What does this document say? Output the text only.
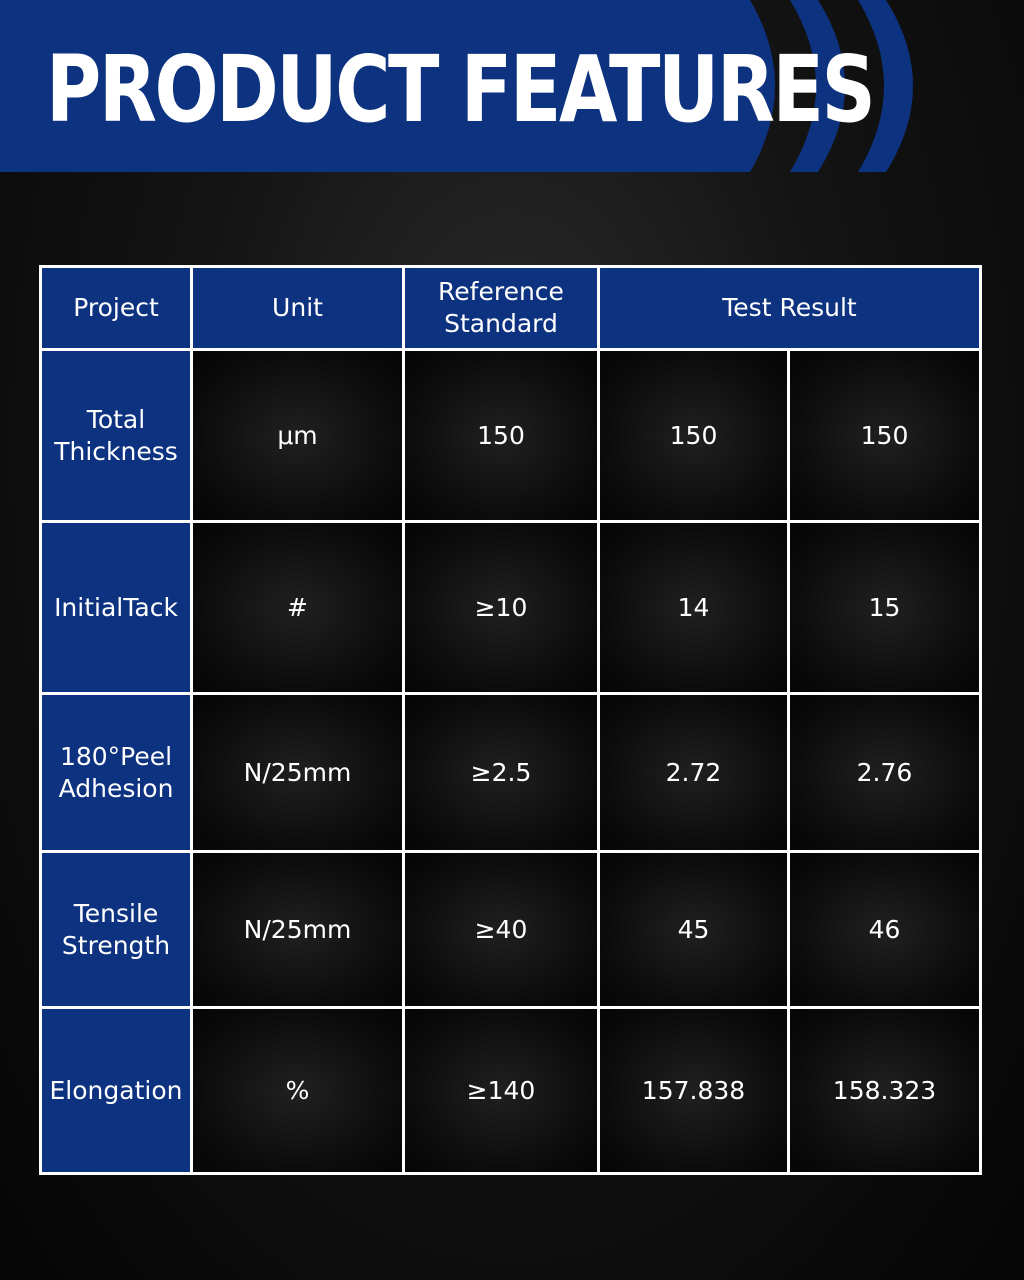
PRODUCT FEATURES
Project	Unit	Reference Standard	Test Result	
Total Thickness	μm	150	150	150
InitialTack	#	≥10	14	15
180°Peel Adhesion	N/25mm	≥2.5	2.72	2.76
Tensile Strength	N/25mm	≥40	45	46
Elongation	%	≥140	157.838	158.323
